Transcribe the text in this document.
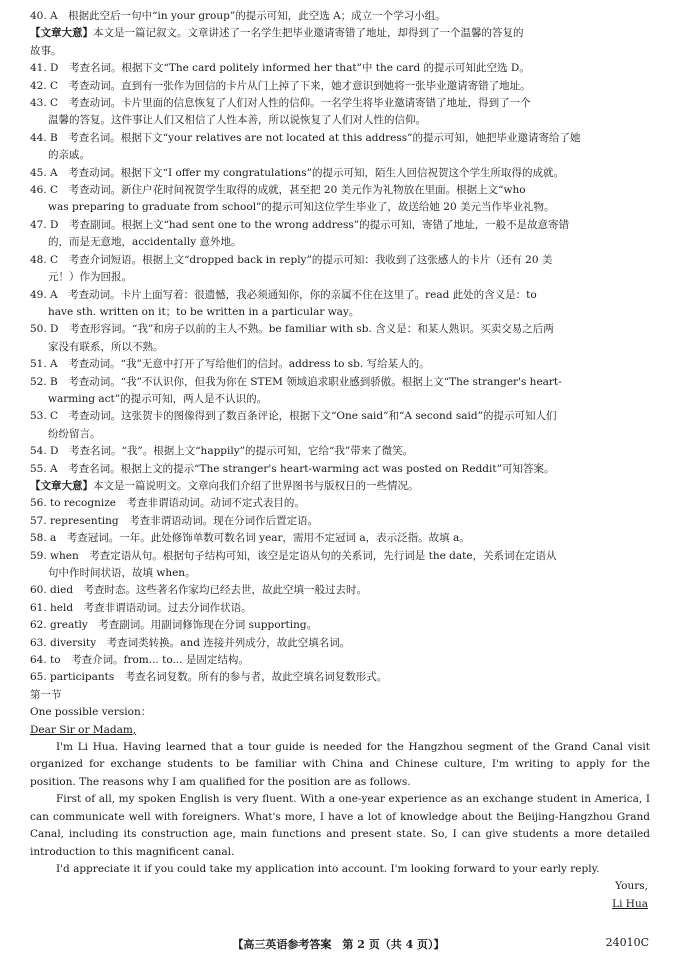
40. A　根据此空后一句中“in your group”的提示可知，此空选 A；成立一个学习小组。
【文章大意】本文是一篇记叙文。文章讲述了一名学生把毕业邀请寄错了地址，却得到了一个温馨的答复的
故事。
41. D　考查名词。根据下文“The card politely informed her that”中 the card 的提示可知此空选 D。
42. C　考查动词。直到有一张作为回信的卡片从门上掉了下来，她才意识到她将一张毕业邀请寄错了地址。
43. C　考查动词。卡片里面的信息恢复了人们对人性的信仰。一名学生将毕业邀请寄错了地址，得到了一个
温馨的答复。这件事让人们又相信了人性本善，所以说恢复了人们对人性的信仰。
44. B　考查名词。根据下文“your relatives are not located at this address”的提示可知，她把毕业邀请寄给了她
的亲戚。
45. A　考查动词。根据下文“I offer my congratulations”的提示可知，陌生人回信祝贺这个学生所取得的成就。
46. C　考查动词。新住户花时间祝贺学生取得的成就，甚至把 20 美元作为礼物放在里面。根据上文“who
was preparing to graduate from school”的提示可知这位学生毕业了，故送给她 20 美元当作毕业礼物。
47. D　考查副词。根据上文“had sent one to the wrong address”的提示可知，寄错了地址，一般不是故意寄错
的，而是无意地，accidentally 意外地。
48. C　考查介词短语。根据上文“dropped back in reply”的提示可知：我收到了这张感人的卡片（还有 20 美
元！）作为回报。
49. A　考查动词。卡片上面写着：很遗憾，我必须通知你，你的亲属不住在这里了。read 此处的含义是：to
have sth. written on it；to be written in a particular way。
50. D　考查形容词。“我”和房子以前的主人不熟。be familiar with sb. 含义是：和某人熟识。买卖交易之后两
家没有联系，所以不熟。
51. A　考查动词。“我”无意中打开了写给他们的信封。address to sb. 写给某人的。
52. B　考查动词。“我”不认识你，但我为你在 STEM 领域追求职业感到骄傲。根据上文“The stranger's heart-
warming act”的提示可知，两人是不认识的。
53. C　考查动词。这张贺卡的图像得到了数百条评论，根据下文“One said”和“A second said”的提示可知人们
纷纷留言。
54. D　考查名词。“我”。根据上文“happily”的提示可知，它给“我”带来了微笑。
55. A　考查名词。根据上文的提示“The stranger's heart-warming act was posted on Reddit”可知答案。
【文章大意】本文是一篇说明文。文章向我们介绍了世界图书与版权日的一些情况。
56. to recognize　考查非谓语动词。动词不定式表目的。
57. representing　考查非谓语动词。现在分词作后置定语。
58. a　考查冠词。一年。此处修饰单数可数名词 year，需用不定冠词 a，表示泛指。故填 a。
59. when　考查定语从句。根据句子结构可知，该空是定语从句的关系词，先行词是 the date，关系词在定语从
句中作时间状语，故填 when。
60. died　考查时态。这些著名作家均已经去世，故此空填一般过去时。
61. held　考查非谓语动词。过去分词作状语。
62. greatly　考查副词。用副词修饰现在分词 supporting。
63. diversity　考查词类转换。and 连接并列成分，故此空填名词。
64. to　考查介词。from... to... 是固定结构。
65. participants　考查名词复数。所有的参与者，故此空填名词复数形式。
第一节
One possible version：
Dear Sir or Madam,
I'm Li Hua. Having learned that a tour guide is needed for the Hangzhou segment of the Grand Canal visit organized for exchange students to be familiar with China and Chinese culture, I'm writing to apply for the position. The reasons why I am qualified for the position are as follows.
First of all, my spoken English is very fluent. With a one-year experience as an exchange student in America, I can communicate well with foreigners. What's more, I have a lot of knowledge about the Beijing-Hangzhou Grand Canal, including its construction age, main functions and present state. So, I can give students a more detailed introduction to this magnificent canal.
I'd appreciate it if you could take my application into account. I'm looking forward to your early reply.
Yours,
Li Hua
【高三英语参考答案　第 2 页（共 4 页）】	24010C
